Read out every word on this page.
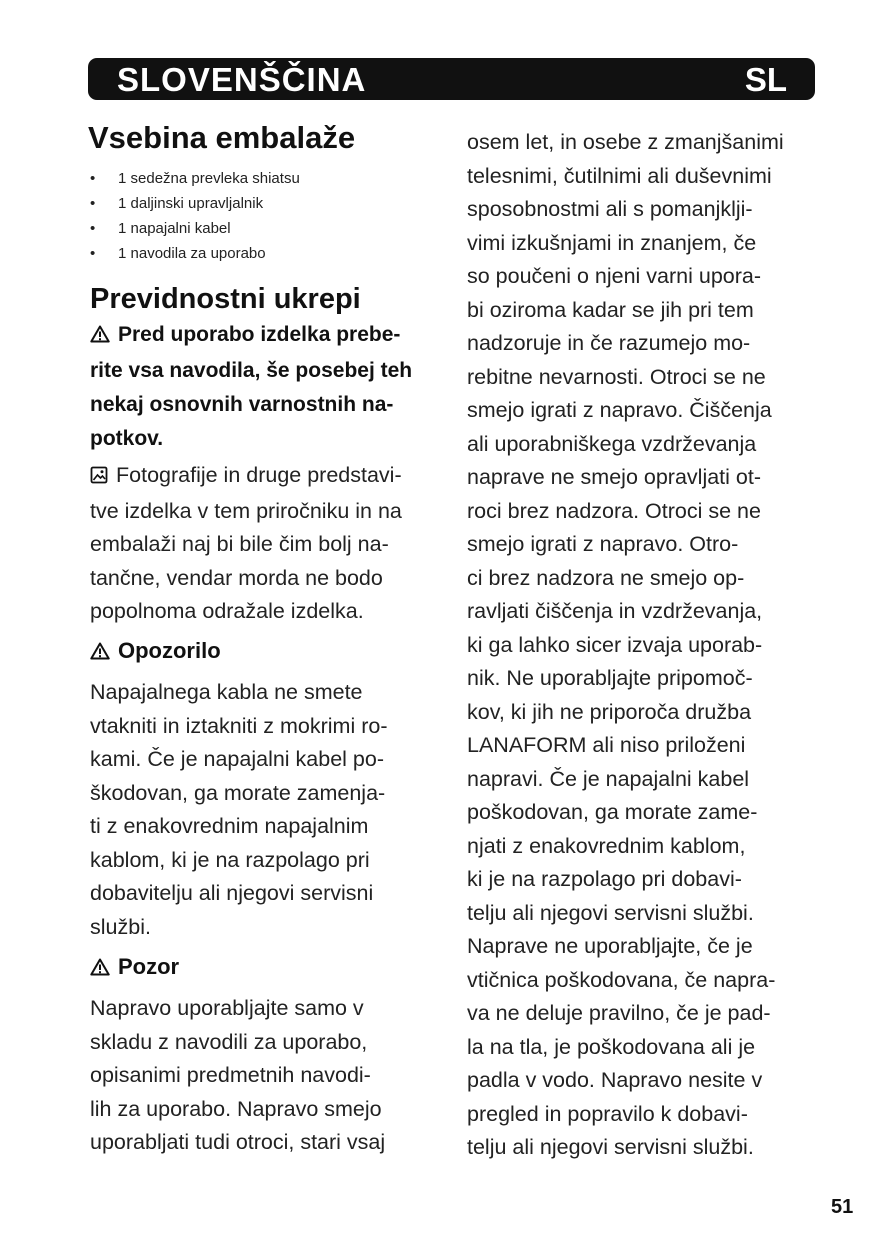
SLOVENŠČINA	SL
Vsebina embalaže
• 1 sedežna prevleka shiatsu
• 1 daljinski upravljalnik
• 1 napajalni kabel
• 1 navodila za uporabo
Previdnostni ukrepi
Pred uporabo izdelka prebe-
rite vsa navodila, še posebej teh
nekaj osnovnih varnostnih na-
potkov.
Fotografije in druge predstavi-
tve izdelka v tem priročniku in na
embalaži naj bi bile čim bolj na-
tančne, vendar morda ne bodo
popolnoma odražale izdelka.
Opozorilo
Napajalnega kabla ne smete
vtakniti in iztakniti z mokrimi ro-
kami. Če je napajalni kabel po-
škodovan, ga morate zamenja-
ti z enakovrednim napajalnim
kablom, ki je na razpolago pri
dobavitelju ali njegovi servisni
službi.
Pozor
Napravo uporabljajte samo v
skladu z navodili za uporabo,
opisanimi predmetnih navodi-
lih za uporabo. Napravo smejo
uporabljati tudi otroci, stari vsaj
osem let, in osebe z zmanjšanimi
telesnimi, čutilnimi ali duševnimi
sposobnostmi ali s pomanjklji-
vimi izkušnjami in znanjem, če
so poučeni o njeni varni upora-
bi oziroma kadar se jih pri tem
nadzoruje in če razumejo mo-
rebitne nevarnosti. Otroci se ne
smejo igrati z napravo. Čiščenja
ali uporabniškega vzdrževanja
naprave ne smejo opravljati ot-
roci brez nadzora. Otroci se ne
smejo igrati z napravo. Otro-
ci brez nadzora ne smejo op-
ravljati čiščenja in vzdrževanja,
ki ga lahko sicer izvaja uporab-
nik. Ne uporabljajte pripomoč-
kov, ki jih ne priporoča družba
LANAFORM ali niso priloženi
napravi. Če je napajalni kabel
poškodovan, ga morate zame-
njati z enakovrednim kablom,
ki je na razpolago pri dobavi-
telju ali njegovi servisni službi.
Naprave ne uporabljajte, če je
vtičnica poškodovana, če napra-
va ne deluje pravilno, če je pad-
la na tla, je poškodovana ali je
padla v vodo. Napravo nesite v
pregled in popravilo k dobavi-
telju ali njegovi servisni službi.
51
